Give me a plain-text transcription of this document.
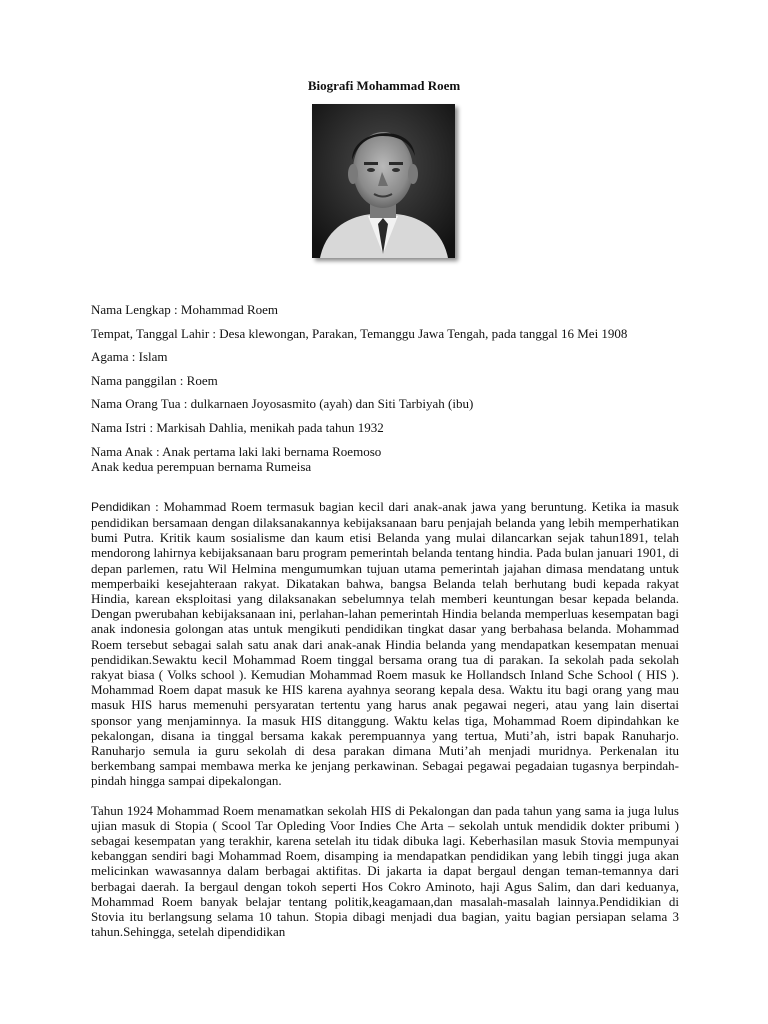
Biografi Mohammad Roem

Nama Lengkap : Mohammad Roem

Tempat, Tanggal Lahir : Desa klewongan, Parakan, Temanggu Jawa Tengah, pada tanggal 16 Mei 1908

Agama : Islam

Nama panggilan : Roem

Nama Orang Tua : dulkarnaen Joyosasmito (ayah) dan Siti Tarbiyah (ibu)

Nama Istri : Markisah Dahlia, menikah pada tahun 1932

Nama Anak : Anak pertama laki laki bernama Roemoso

Anak kedua perempuan bernama Rumeisa

Pendidikan : Mohammad Roem termasuk bagian kecil dari anak-anak jawa yang beruntung. Ketika ia masuk pendidikan bersamaan dengan dilaksanakannya kebijaksanaan baru penjajah belanda yang lebih memperhatikan bumi Putra. Kritik kaum sosialisme dan kaum etisi Belanda yang mulai dilancarkan sejak tahun1891, telah mendorong lahirnya kebijaksanaan baru program pemerintah belanda tentang hindia. Pada bulan januari 1901, di depan parlemen, ratu Wil Helmina mengumumkan tujuan utama pemerintah jajahan dimasa mendatang untuk memperbaiki kesejahteraan rakyat. Dikatakan bahwa, bangsa Belanda telah berhutang budi kepada rakyat Hindia, karean eksploitasi yang dilaksanakan sebelumnya telah memberi keuntungan besar kepada belanda. Dengan pwerubahan kebijaksanaan ini, perlahan-lahan pemerintah Hindia belanda memperluas kesempatan bagi anak indonesia golongan atas untuk mengikuti pendidikan tingkat dasar yang berbahasa belanda. Mohammad Roem tersebut sebagai salah satu anak dari anak-anak Hindia belanda yang mendapatkan kesempatan menuai pendidikan.Sewaktu kecil Mohammad Roem tinggal bersama orang tua di parakan. Ia sekolah pada sekolah rakyat biasa ( Volks school ). Kemudian Mohammad Roem masuk ke Hollandsch Inland Sche School ( HIS ). Mohammad Roem dapat masuk ke HIS karena ayahnya seorang kepala desa. Waktu itu bagi orang yang mau masuk HIS harus memenuhi persyaratan tertentu yang harus anak pegawai negeri, atau yang lain disertai sponsor yang menjaminnya. Ia masuk HIS ditanggung. Waktu kelas tiga, Mohammad Roem dipindahkan ke pekalongan, disana ia tinggal bersama kakak perempuannya yang tertua, Muti’ah, istri bapak Ranuharjo. Ranuharjo semula ia guru sekolah di desa parakan dimana Muti’ah menjadi muridnya. Perkenalan itu berkembang sampai membawa merka ke jenjang perkawinan. Sebagai pegawai pegadaian tugasnya berpindah-pindah hingga sampai dipekalongan.

Tahun 1924 Mohammad Roem menamatkan sekolah HIS di Pekalongan dan pada tahun yang sama ia juga lulus ujian masuk di Stopia ( Scool Tar Opleding Voor Indies Che Arta – sekolah untuk mendidik dokter pribumi ) sebagai kesempatan yang terakhir, karena setelah itu tidak dibuka lagi. Keberhasilan masuk Stovia mempunyai kebanggan sendiri bagi Mohammad Roem, disamping ia mendapatkan pendidikan yang lebih tinggi juga akan melicinkan wawasannya dalam berbagai aktifitas. Di jakarta ia dapat bergaul dengan teman-temannya dari berbagai daerah. Ia bergaul dengan tokoh seperti Hos Cokro Aminoto, haji Agus Salim, dan dari keduanya, Mohammad Roem banyak belajar tentang politik,keagamaan,dan masalah-masalah lainnya.Pendidikian di Stovia itu berlangsung selama 10 tahun. Stopia dibagi menjadi dua bagian, yaitu bagian persiapan selama 3 tahun.Sehingga, setelah dipendidikan
